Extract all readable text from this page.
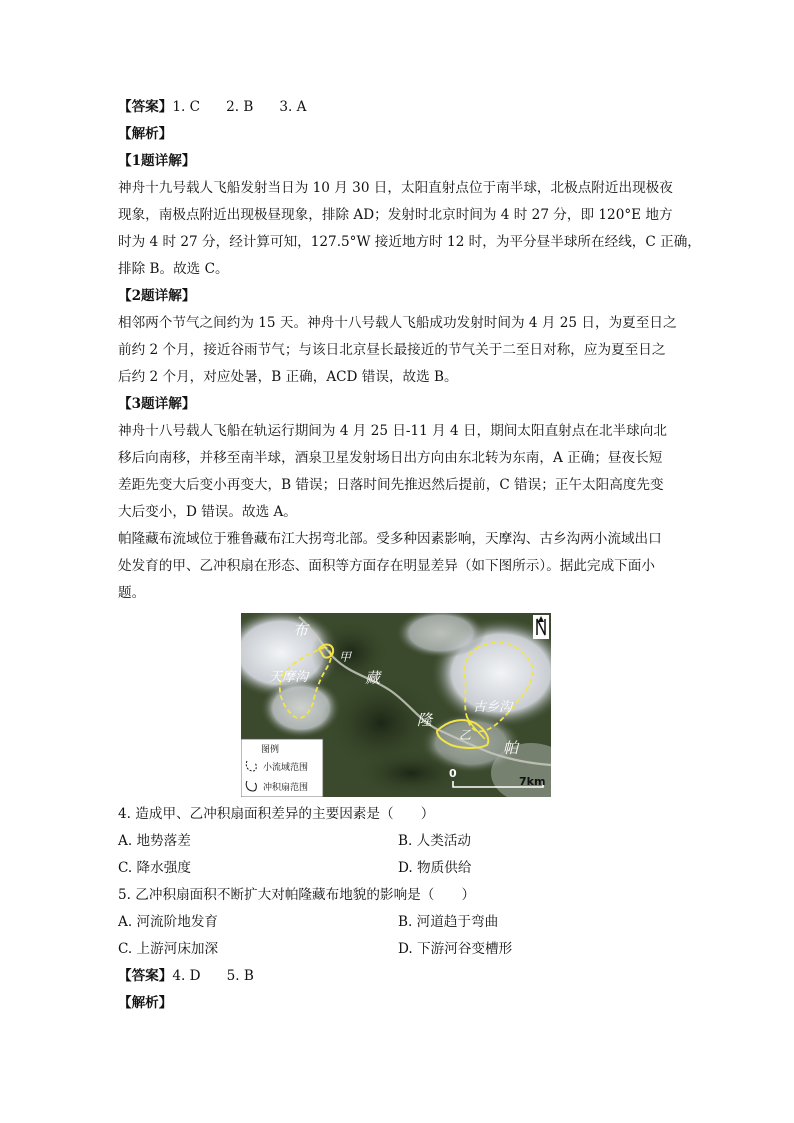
【答案】1. C 2. B 3. A
【解析】
【1题详解】
神舟十九号载人飞船发射当日为 10 月 30 日，太阳直射点位于南半球，北极点附近出现极夜
现象，南极点附近出现极昼现象，排除 AD；发射时北京时间为 4 时 27 分，即 120°E 地方
时为 4 时 27 分，经计算可知，127.5°W 接近地方时 12 时，为平分昼半球所在经线，C 正确，
排除 B。故选 C。
【2题详解】
相邻两个节气之间约为 15 天。神舟十八号载人飞船成功发射时间为 4 月 25 日，为夏至日之
前约 2 个月，接近谷雨节气；与该日北京昼长最接近的节气关于二至日对称，应为夏至日之
后约 2 个月，对应处暑，B 正确，ACD 错误，故选 B。
【3题详解】
神舟十八号载人飞船在轨运行期间为 4 月 25 日-11 月 4 日，期间太阳直射点在北半球向北
移后向南移，并移至南半球，酒泉卫星发射场日出方向由东北转为东南，A 正确；昼夜长短
差距先变大后变小再变大，B 错误；日落时间先推迟然后提前，C 错误；正午太阳高度先变
大后变小，D 错误。故选 A。
帕隆藏布流域位于雅鲁藏布江大拐弯北部。受多种因素影响，天摩沟、古乡沟两小流域出口
处发育的甲、乙冲积扇在形态、面积等方面存在明显差异（如下图所示）。据此完成下面小
题。
布
甲
天摩沟	藏
隆
古乡沟
乙
帕
图例
小流域范围
冲积扇范围
0
7km
4. 造成甲、乙冲积扇面积差异的主要因素是（　　）
A. 地势落差	B. 人类活动
C. 降水强度	D. 物质供给
5. 乙冲积扇面积不断扩大对帕隆藏布地貌的影响是（　　）
A. 河流阶地发育	B. 河道趋于弯曲
C. 上游河床加深	D. 下游河谷变槽形
【答案】4. D 5. B
【解析】
